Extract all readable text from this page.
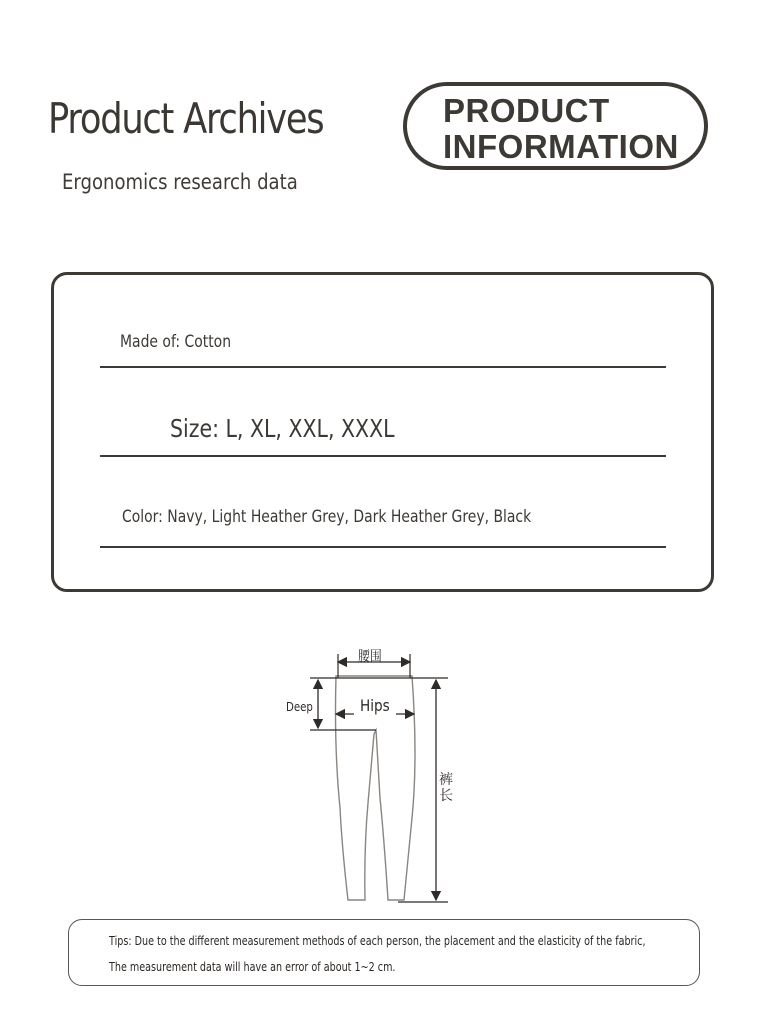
Product Archives
Ergonomics research data
PRODUCT
INFORMATION
Made of: Cotton
Size: L, XL, XXL, XXXL
Color: Navy, Light Heather Grey, Dark Heather Grey, Black
腰围
Deep	Hips
裤长
Tips: Due to the different measurement methods of each person, the placement and the elasticity of the fabric,
The measurement data will have an error of about 1~2 cm.
